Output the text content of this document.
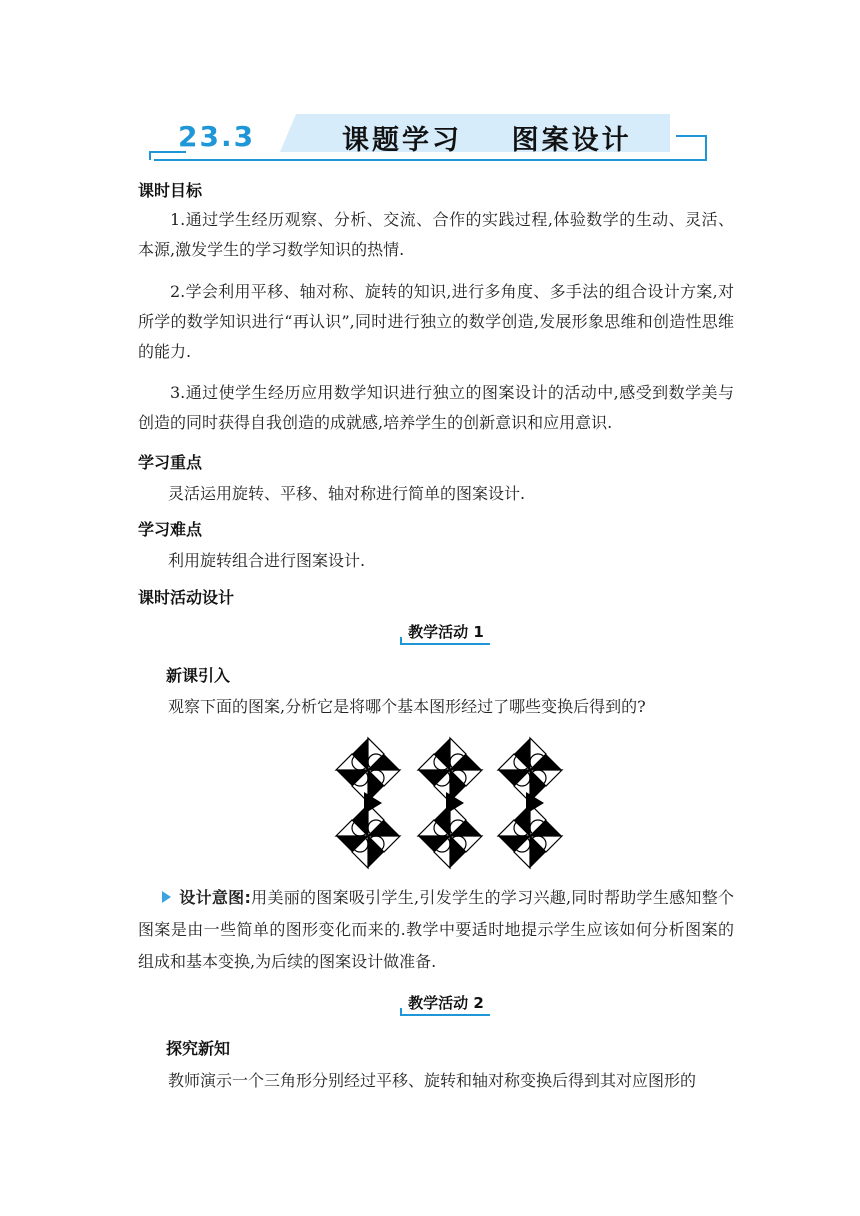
23.3	课题学习    图案设计
课时目标

1.通过学生经历观察、分析、交流、合作的实践过程,体验数学的生动、灵活、本源,激发学生的学习数学知识的热情.

2.学会利用平移、轴对称、旋转的知识,进行多角度、多手法的组合设计方案,对所学的数学知识进行“再认识”,同时进行独立的数学创造,发展形象思维和创造性思维的能力.

3.通过使学生经历应用数学知识进行独立的图案设计的活动中,感受到数学美与创造的同时获得自我创造的成就感,培养学生的创新意识和应用意识.

学习重点
灵活运用旋转、平移、轴对称进行简单的图案设计.
学习难点
利用旋转组合进行图案设计.
课时活动设计
教学活动 1
新课引入
观察下面的图案,分析它是将哪个基本图形经过了哪些变换后得到的?

设计意图:用美丽的图案吸引学生,引发学生的学习兴趣,同时帮助学生感知整个图案是由一些简单的图形变化而来的.教学中要适时地提示学生应该如何分析图案的组成和基本变换,为后续的图案设计做准备.

教学活动 2
探究新知
教师演示一个三角形分别经过平移、旋转和轴对称变换后得到其对应图形的
